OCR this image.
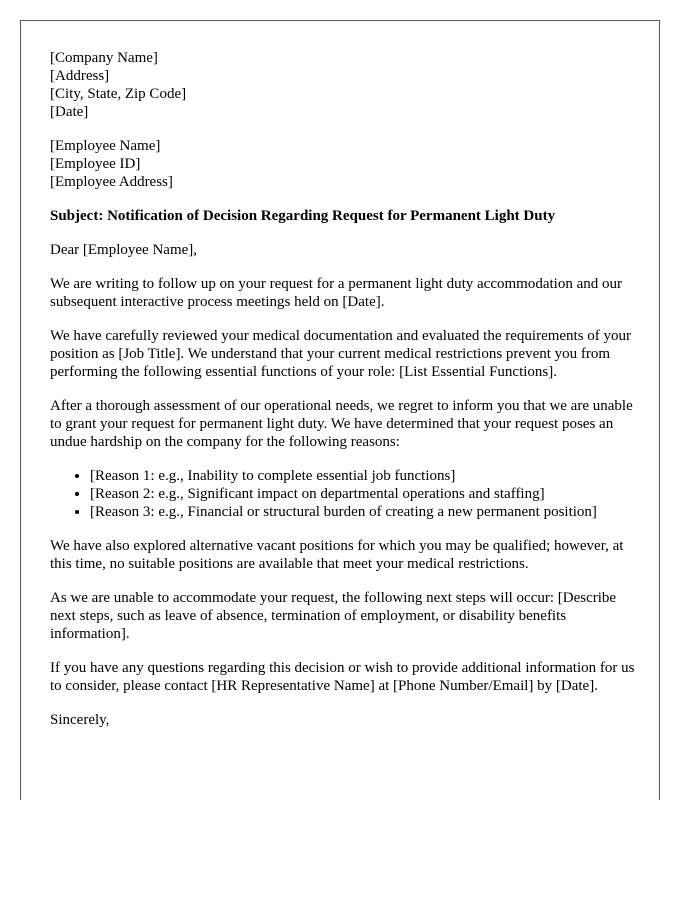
[Company Name]
[Address]
[City, State, Zip Code]
[Date]
[Employee Name]
[Employee ID]
[Employee Address]

Subject: Notification of Decision Regarding Request for Permanent Light Duty

Dear [Employee Name],

We are writing to follow up on your request for a permanent light duty accommodation and our subsequent interactive process meetings held on [Date].

We have carefully reviewed your medical documentation and evaluated the requirements of your position as [Job Title]. We understand that your current medical restrictions prevent you from performing the following essential functions of your role: [List Essential Functions].

After a thorough assessment of our operational needs, we regret to inform you that we are unable to grant your request for permanent light duty. We have determined that your request poses an undue hardship on the company for the following reasons:

• [Reason 1: e.g., Inability to complete essential job functions]
• [Reason 2: e.g., Significant impact on departmental operations and staffing]
• [Reason 3: e.g., Financial or structural burden of creating a new permanent position]

We have also explored alternative vacant positions for which you may be qualified; however, at this time, no suitable positions are available that meet your medical restrictions.

As we are unable to accommodate your request, the following next steps will occur: [Describe next steps, such as leave of absence, termination of employment, or disability benefits information].

If you have any questions regarding this decision or wish to provide additional information for us to consider, please contact [HR Representative Name] at [Phone Number/Email] by [Date].

Sincerely,
